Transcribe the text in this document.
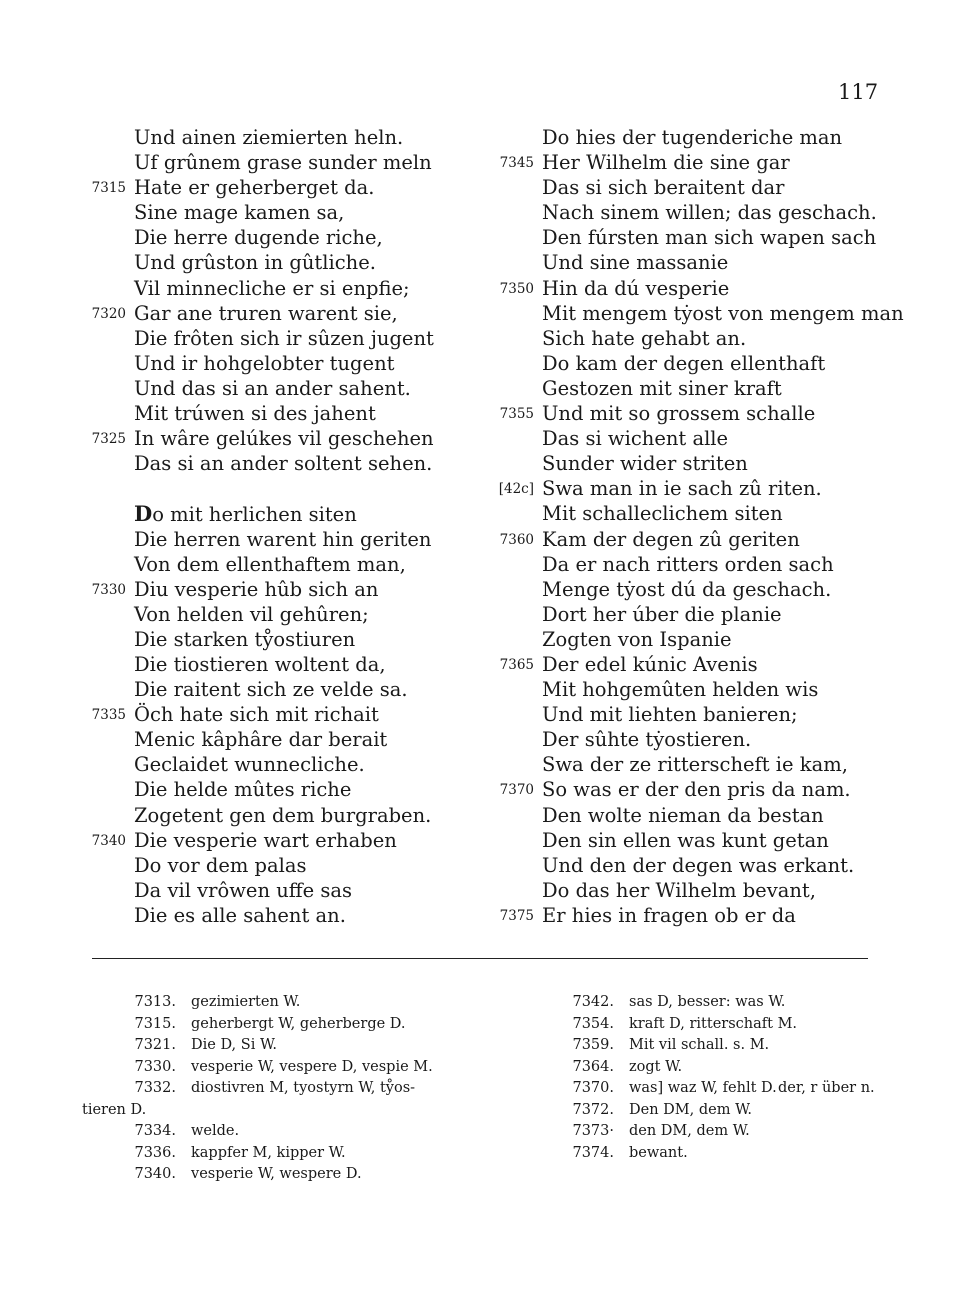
117
Und ainen ziemierten heln.
Uf grûnem grase sunder meln
7315 Hate er geherberget da.
Sine mage kamen sa,
Die herre dugende riche,
Und grûston in gûtliche.
Vil minnecliche er si enpfie;
7320 Gar ane truren warent sie,
Die frôten sich ir sûzen jugent
Und ir hohgelobter tugent
Und das si an ander sahent.
Mit trúwen si des jahent
7325 In wâre gelúkes vil geschehen
Das si an ander soltent sehen.
Do mit herlichen siten
Die herren warent hin geriten
Von dem ellenthaftem man,
7330 Diu vesperie hûb sich an
Von helden vil gehûren;
Die starken tẙostiuren
Die tiostieren woltent da,
Die raitent sich ze velde sa.
7335 Öch hate sich mit richait
Menic kâphâre dar berait
Geclaidet wunnecliche.
Die helde mûtes riche
Zogetent gen dem burgraben.
7340 Die vesperie wart erhaben
Do vor dem palas
Da vil vrôwen uffe sas
Die es alle sahent an.
Do hies der tugenderiche man
7345 Her Wilhelm die sine gar
Das si sich beraitent dar
Nach sinem willen; das geschach.
Den fúrsten man sich wapen sach
Und sine massanie
7350 Hin da dú vesperie
Mit mengem tẏost von mengem man
Sich hate gehabt an.
Do kam der degen ellenthaft
Gestozen mit siner kraft
7355 Und mit so grossem schalle
Das si wichent alle
Sunder wider striten
[42c] Swa man in ie sach zû riten.
Mit schalleclichem siten
7360 Kam der degen zû geriten
Da er nach ritters orden sach
Menge tẏost dú da geschach.
Dort her úber die planie
Zogten von Ispanie
7365 Der edel kúnic Avenis
Mit hohgemûten helden wis
Und mit liehten banieren;
Der sûhte tẏostieren.
Swa der ze ritterscheft ie kam,
7370 So was er der den pris da nam.
Den wolte nieman da bestan
Den sin ellen was kunt getan
Und den der degen was erkant.
Do das her Wilhelm bevant,
7375 Er hies in fragen ob er da
7313. gezimierten W.
7315. geherbergt W, geherberge D.
7321. Die D, Si W.
7330. vesperie W, vespere D, vespie M.
7332. diostivren M, tyostyrn W, tẙos-
tieren D.
7334. welde.
7336. kappfer M, kipper W.
7340. vesperie W, wespere D.
7342. sas D, besser: was W.
7354. kraft D, ritterschaft M.
7359. Mit vil schall. s. M.
7364. zogt W.
7370. was] waz W, fehlt D. der, r über n.
7372. Den DM, dem W.
7373· den DM, dem W.
7374. bewant.
